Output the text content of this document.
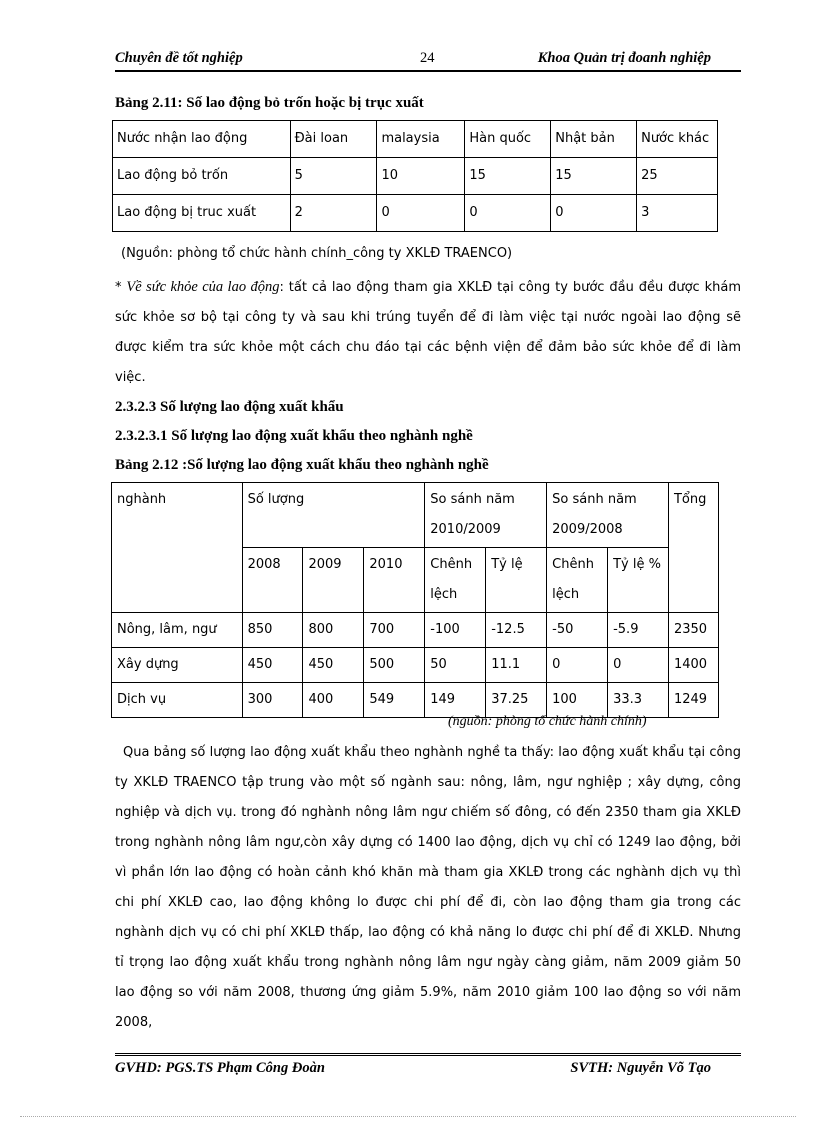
Chuyên đề tốt nghiệp	24	Khoa Quản trị đoanh nghiệp
Bảng 2.11: Số lao động bỏ trốn hoặc bị trục xuất
Nước nhận lao động	Đài loan	malaysia	Hàn quốc	Nhật bản	Nước khác
Lao động bỏ trốn	5	10	15	15	25
Lao động bị truc xuất	2	0	0	0	3
(Nguồn: phòng tổ chức hành chính_công ty XKLĐ TRAENCO)
* Về sức khỏe của lao động: tất cả lao động tham gia XKLĐ tại công ty bước đầu đều được khám sức khỏe sơ bộ tại công ty và sau khi trúng tuyển để đi làm việc tại nước ngoài lao động sẽ được kiểm tra sức khỏe một cách chu đáo tại các bệnh viện để đảm bảo sức khỏe để đi làm việc.
2.3.2.3 Số lượng lao động xuất khẩu
2.3.2.3.1 Số lượng lao động xuất khẩu theo nghành nghề
Bảng 2.12 :Số lượng lao động xuất khẩu theo nghành nghề
nghành	Số lượng			So sánh năm 2010/2009		So sánh năm 2009/2008		Tổng
	2008	2009	2010	Chênh lệch	Tỷ lệ	Chênh lệch	Tỷ lệ %	
Nông, lâm, ngư	850	800	700	-100	-12.5	-50	-5.9	2350
Xây dựng	450	450	500	50	11.1	0	0	1400
Dịch vụ	300	400	549	149	37.25	100	33.3	1249
(nguồn: phòng tổ chức hành chính)
Qua bảng số lượng lao động xuất khẩu theo nghành nghề ta thấy: lao động xuất khẩu tại công ty XKLĐ TRAENCO tập trung vào một số ngành sau: nông, lâm, ngư nghiệp ; xây dựng, công nghiệp và dịch vụ. trong đó nghành nông lâm ngư chiếm số đông, có đến 2350 tham gia XKLĐ trong nghành nông lâm ngư,còn xây dựng có 1400 lao động, dịch vụ chỉ có 1249 lao động, bởi vì phần lớn lao động có hoàn cảnh khó khăn mà tham gia XKLĐ trong các nghành dịch vụ thì chi phí XKLĐ cao, lao động không lo được chi phí để đi, còn lao động tham gia trong các nghành dịch vụ có chi phí XKLĐ thấp, lao động có khả năng lo được chi phí để đi XKLĐ. Nhưng tỉ trọng lao động xuất khẩu trong nghành nông lâm ngư ngày càng giảm, năm 2009 giảm 50 lao động so với năm 2008, thương ứng giảm 5.9%, năm 2010 giảm 100 lao động so với năm 2008,
GVHD: PGS.TS Phạm Công Đoàn	SVTH: Nguyễn Võ Tạo
